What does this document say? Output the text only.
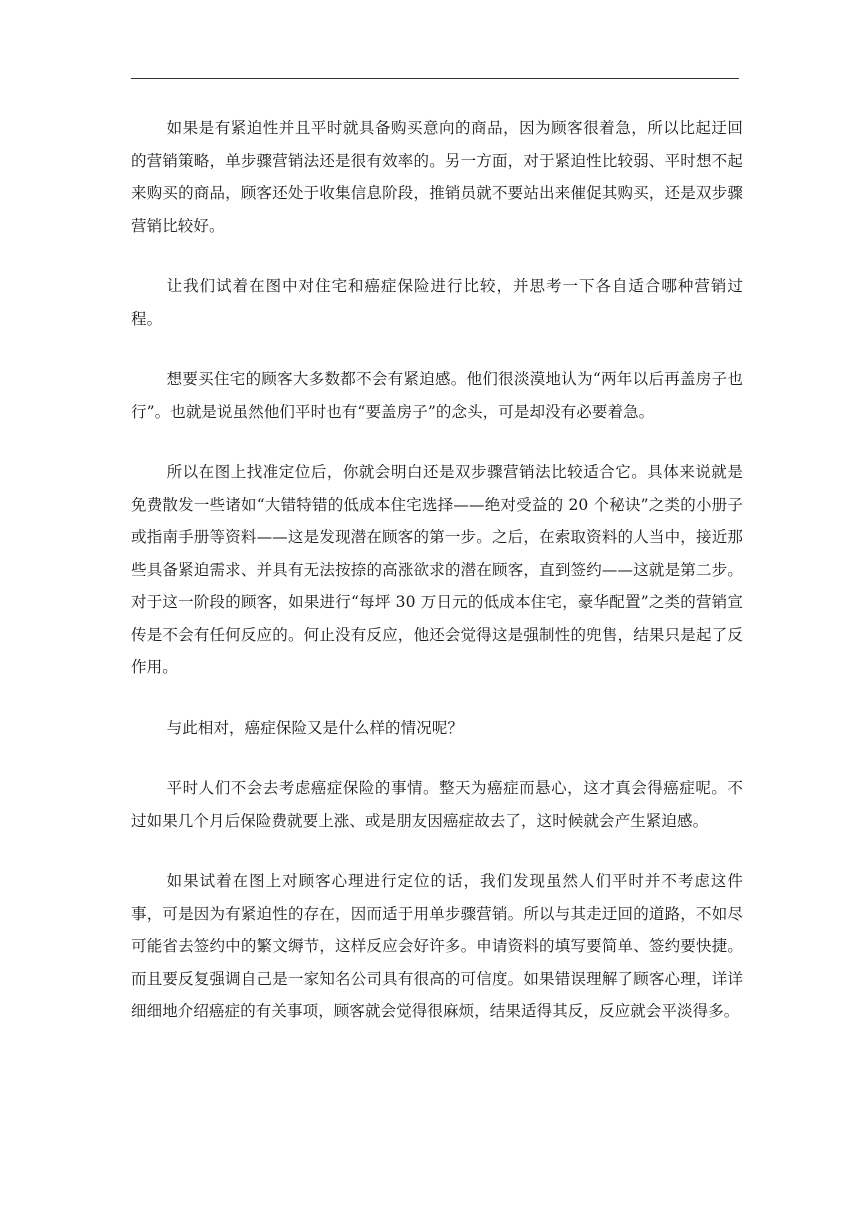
如果是有紧迫性并且平时就具备购买意向的商品，因为顾客很着急，所以比起迂回的营销策略，单步骤营销法还是很有效率的。另一方面，对于紧迫性比较弱、平时想不起来购买的商品，顾客还处于收集信息阶段，推销员就不要站出来催促其购买，还是双步骤营销比较好。

让我们试着在图中对住宅和癌症保险进行比较，并思考一下各自适合哪种营销过程。

想要买住宅的顾客大多数都不会有紧迫感。他们很淡漠地认为“两年以后再盖房子也行”。也就是说虽然他们平时也有“要盖房子”的念头，可是却没有必要着急。

所以在图上找准定位后，你就会明白还是双步骤营销法比较适合它。具体来说就是免费散发一些诸如“大错特错的低成本住宅选择——绝对受益的 20 个秘诀”之类的小册子或指南手册等资料——这是发现潜在顾客的第一步。之后，在索取资料的人当中，接近那些具备紧迫需求、并具有无法按捺的高涨欲求的潜在顾客，直到签约——这就是第二步。对于这一阶段的顾客，如果进行“每坪 30 万日元的低成本住宅，豪华配置”之类的营销宣传是不会有任何反应的。何止没有反应，他还会觉得这是强制性的兜售，结果只是起了反作用。

与此相对，癌症保险又是什么样的情况呢？

平时人们不会去考虑癌症保险的事情。整天为癌症而悬心，这才真会得癌症呢。不过如果几个月后保险费就要上涨、或是朋友因癌症故去了，这时候就会产生紧迫感。

如果试着在图上对顾客心理进行定位的话，我们发现虽然人们平时并不考虑这件事，可是因为有紧迫性的存在，因而适于用单步骤营销。所以与其走迂回的道路，不如尽可能省去签约中的繁文缛节，这样反应会好许多。申请资料的填写要简单、签约要快捷。而且要反复强调自己是一家知名公司具有很高的可信度。如果错误理解了顾客心理，详详细细地介绍癌症的有关事项，顾客就会觉得很麻烦，结果适得其反，反应就会平淡得多。
